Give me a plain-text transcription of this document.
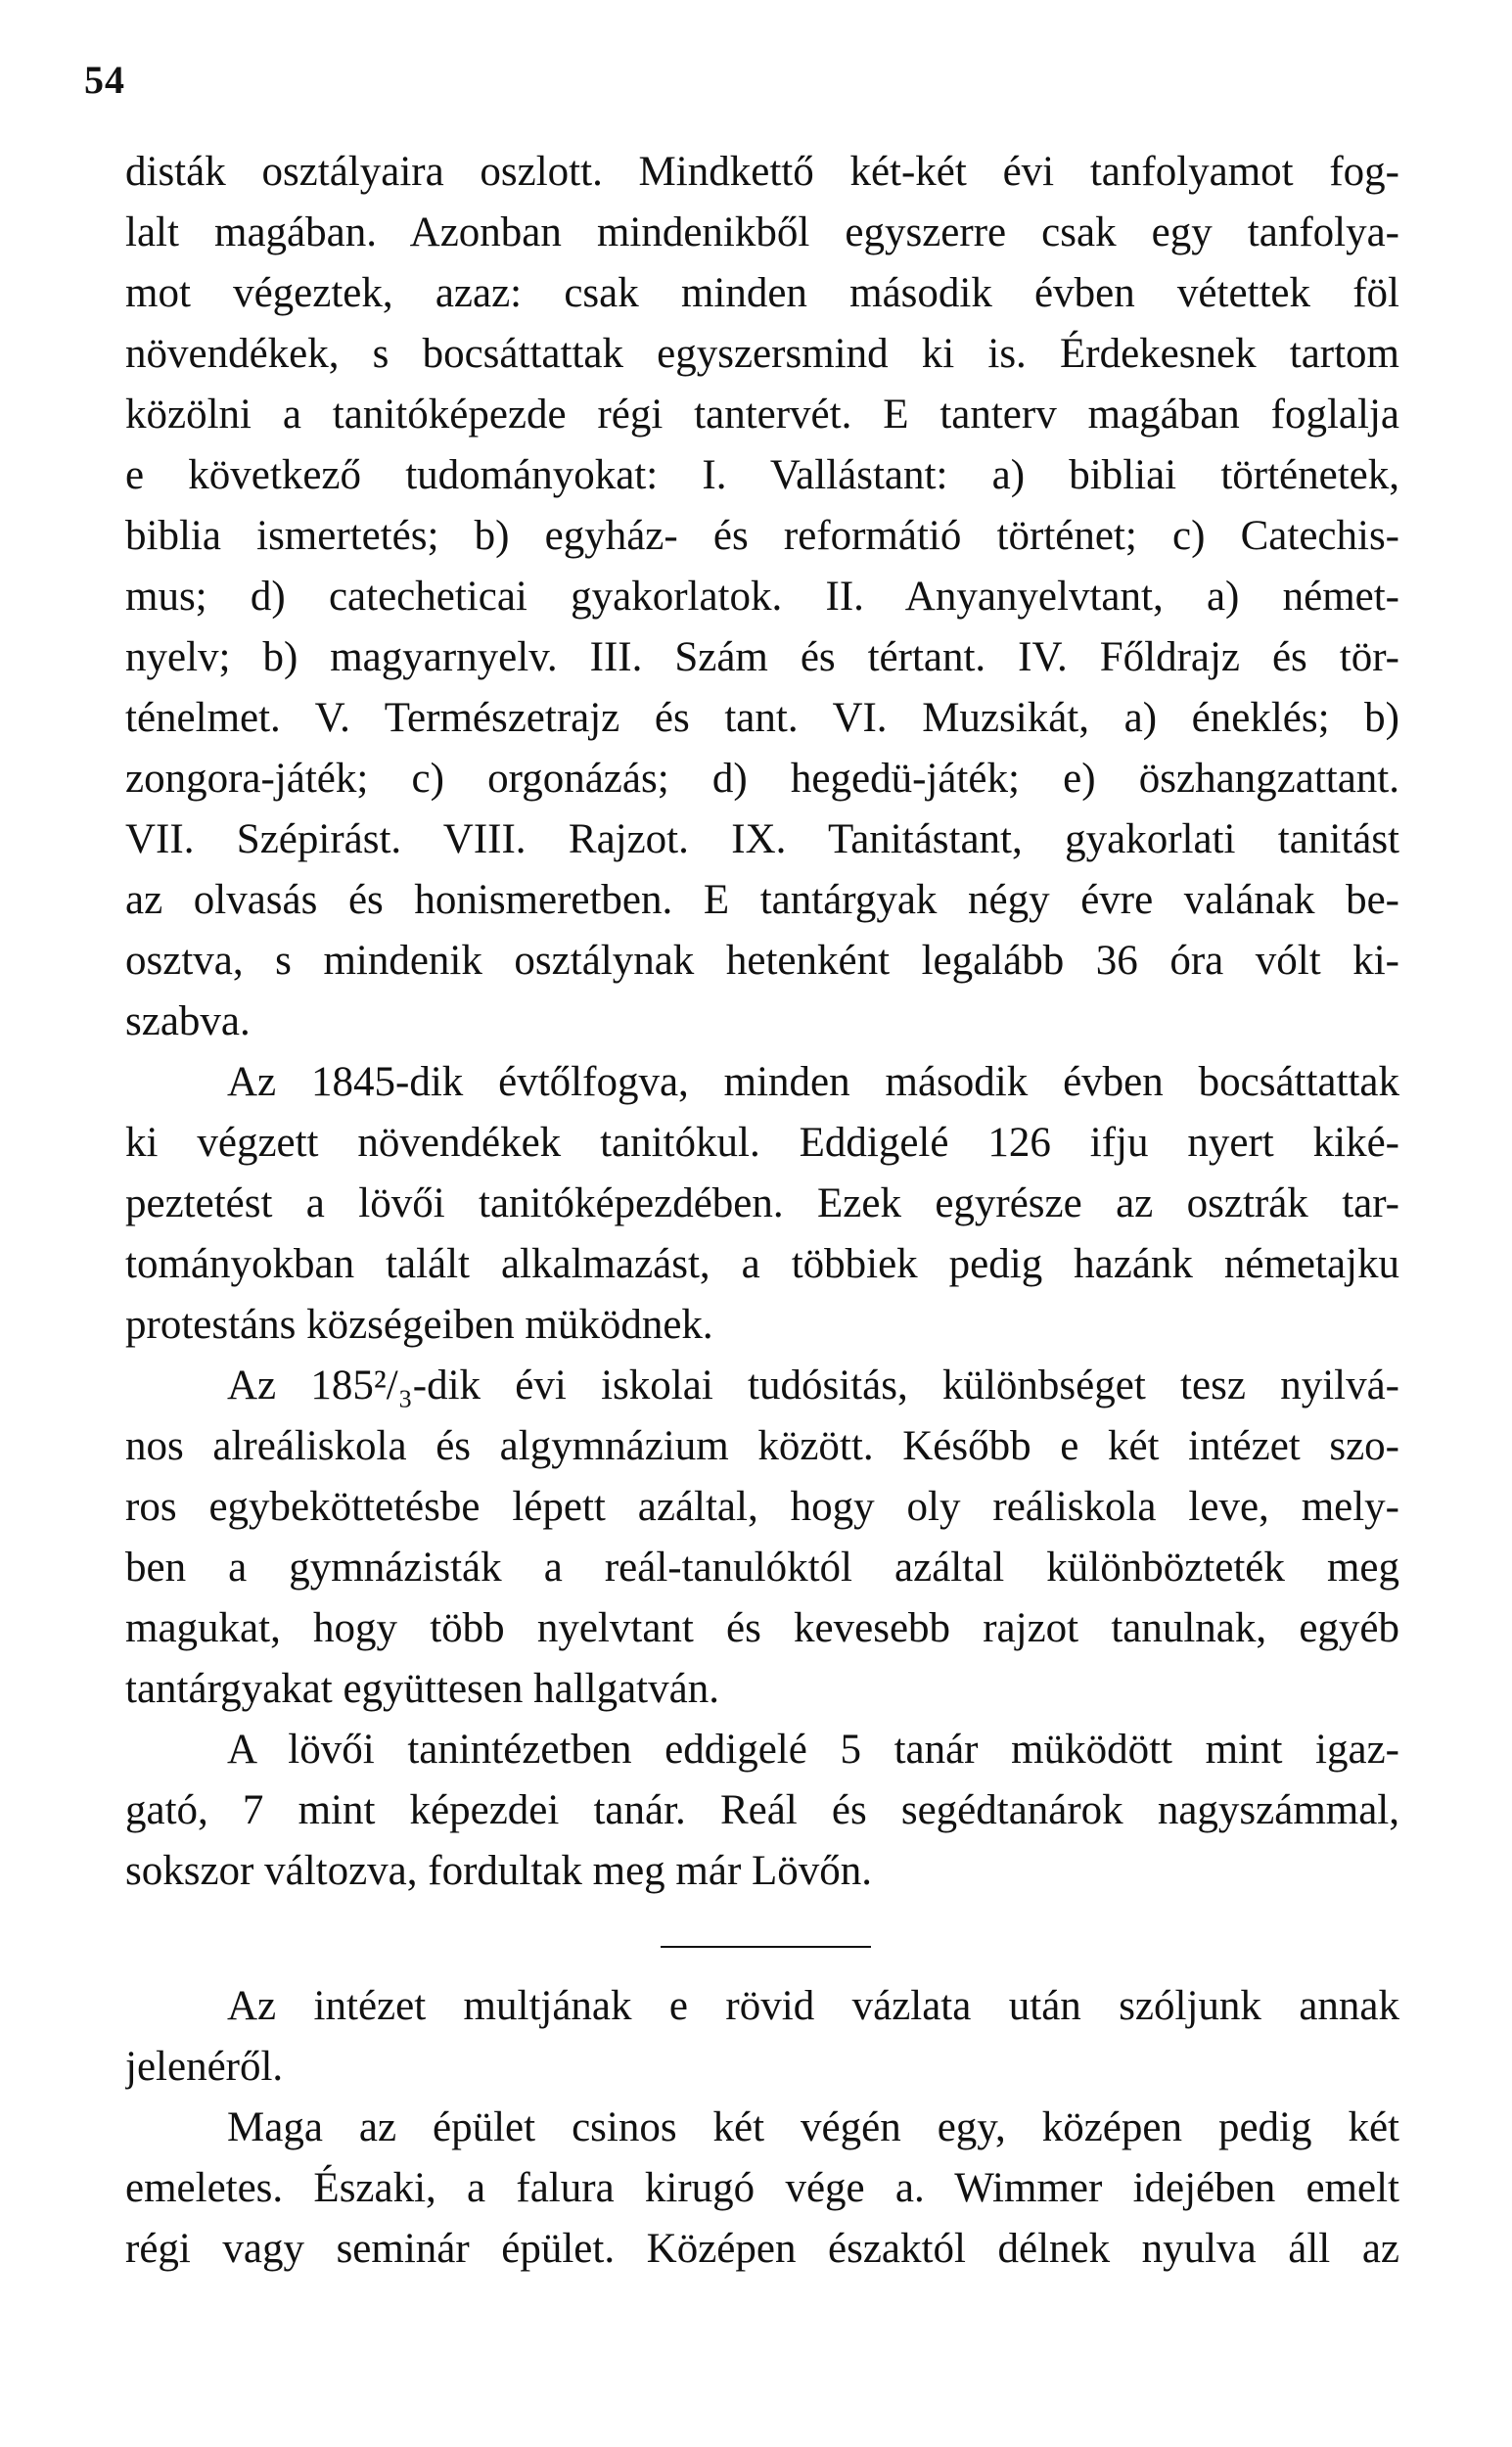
54
disták osztályaira oszlott. Mindkettő két-két évi tanfolyamot fog-
lalt magában. Azonban mindenikből egyszerre csak egy tanfolya-
mot végeztek, azaz: csak minden második évben vétettek föl
növendékek, s bocsáttattak egyszersmind ki is. Érdekesnek tartom
közölni a tanitóképezde régi tantervét. E tanterv magában foglalja
e következő tudományokat: I. Vallástant: a) bibliai történetek,
biblia ismertetés; b) egyház- és reformátió történet; c) Catechis-
mus; d) catecheticai gyakorlatok. II. Anyanyelvtant, a) német-
nyelv; b) magyarnyelv. III. Szám és tértant. IV. Főldrajz és tör-
ténelmet. V. Természetrajz és tant. VI. Muzsikát, a) éneklés; b)
zongora-játék; c) orgonázás; d) hegedü-játék; e) öszhangzattant.
VII. Szépirást. VIII. Rajzot. IX. Tanitástant, gyakorlati tanitást
az olvasás és honismeretben. E tantárgyak négy évre valának be-
osztva, s mindenik osztálynak hetenként legalább 36 óra vólt ki-
szabva.
Az 1845-dik évtőlfogva, minden második évben bocsáttattak
ki végzett növendékek tanitókul. Eddigelé 126 ifju nyert kiké-
peztetést a lövői tanitóképezdében. Ezek egyrésze az osztrák tar-
tományokban talált alkalmazást, a többiek pedig hazánk németajku
protestáns községeiben müködnek.
Az 185²/₃-dik évi iskolai tudósitás, különbséget tesz nyilvá-
nos alreáliskola és algymnázium között. Később e két intézet szo-
ros egybeköttetésbe lépett azáltal, hogy oly reáliskola leve, mely-
ben a gymnázisták a reál-tanulóktól azáltal különbözteték meg
magukat, hogy több nyelvtant és kevesebb rajzot tanulnak, egyéb
tantárgyakat együttesen hallgatván.
A lövői tanintézetben eddigelé 5 tanár müködött mint igaz-
gató, 7 mint képezdei tanár. Reál és segédtanárok nagyszámmal,
sokszor változva, fordultak meg már Lövőn.
Az intézet multjának e rövid vázlata után szóljunk annak
jelenéről.
Maga az épület csinos két végén egy, középen pedig két
emeletes. Északi, a falura kirugó vége a. Wimmer idejében emelt
régi vagy seminár épület. Középen északtól délnek nyulva áll az
